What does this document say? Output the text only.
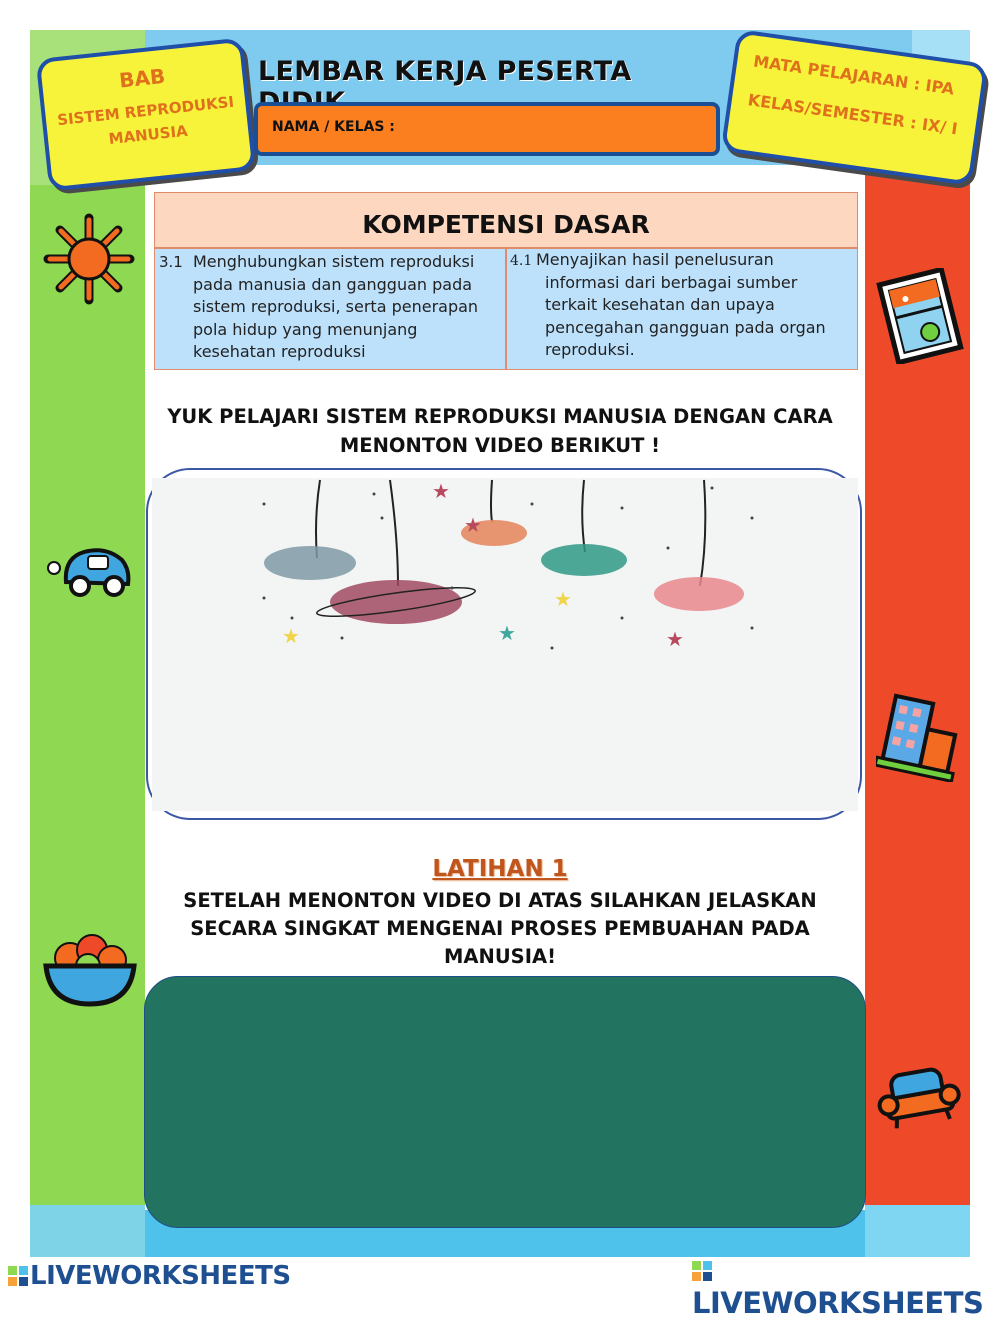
BAB
SISTEM REPRODUKSI
MANUSIA
LEMBAR KERJA PESERTA
NAMA / KELAS :
MATA PELAJARAN : IPA
KELAS/SEMESTER : IX/ I
KOMPETENSI DASAR
3.1 Menghubungkan sistem reproduksi pada manusia dan gangguan pada sistem reproduksi, serta penerapan pola hidup yang menunjang kesehatan reproduksi
4.1 Menyajikan hasil penelusuran
informasi dari berbagai sumber terkait kesehatan dan upaya pencegahan gangguan pada organ reproduksi.
YUK PELAJARI SISTEM REPRODUKSI MANUSIA DENGAN CARA MENONTON VIDEO BERIKUT !
★
★
★
★	★	★
LATIHAN 1
SETELAH MENONTON VIDEO DI ATAS SILAHKAN JELASKAN SECARA SINGKAT MENGENAI PROSES PEMBUAHAN PADA MANUSIA!
LIVEWORKSHEETS
LIVEWORKSHEETS
